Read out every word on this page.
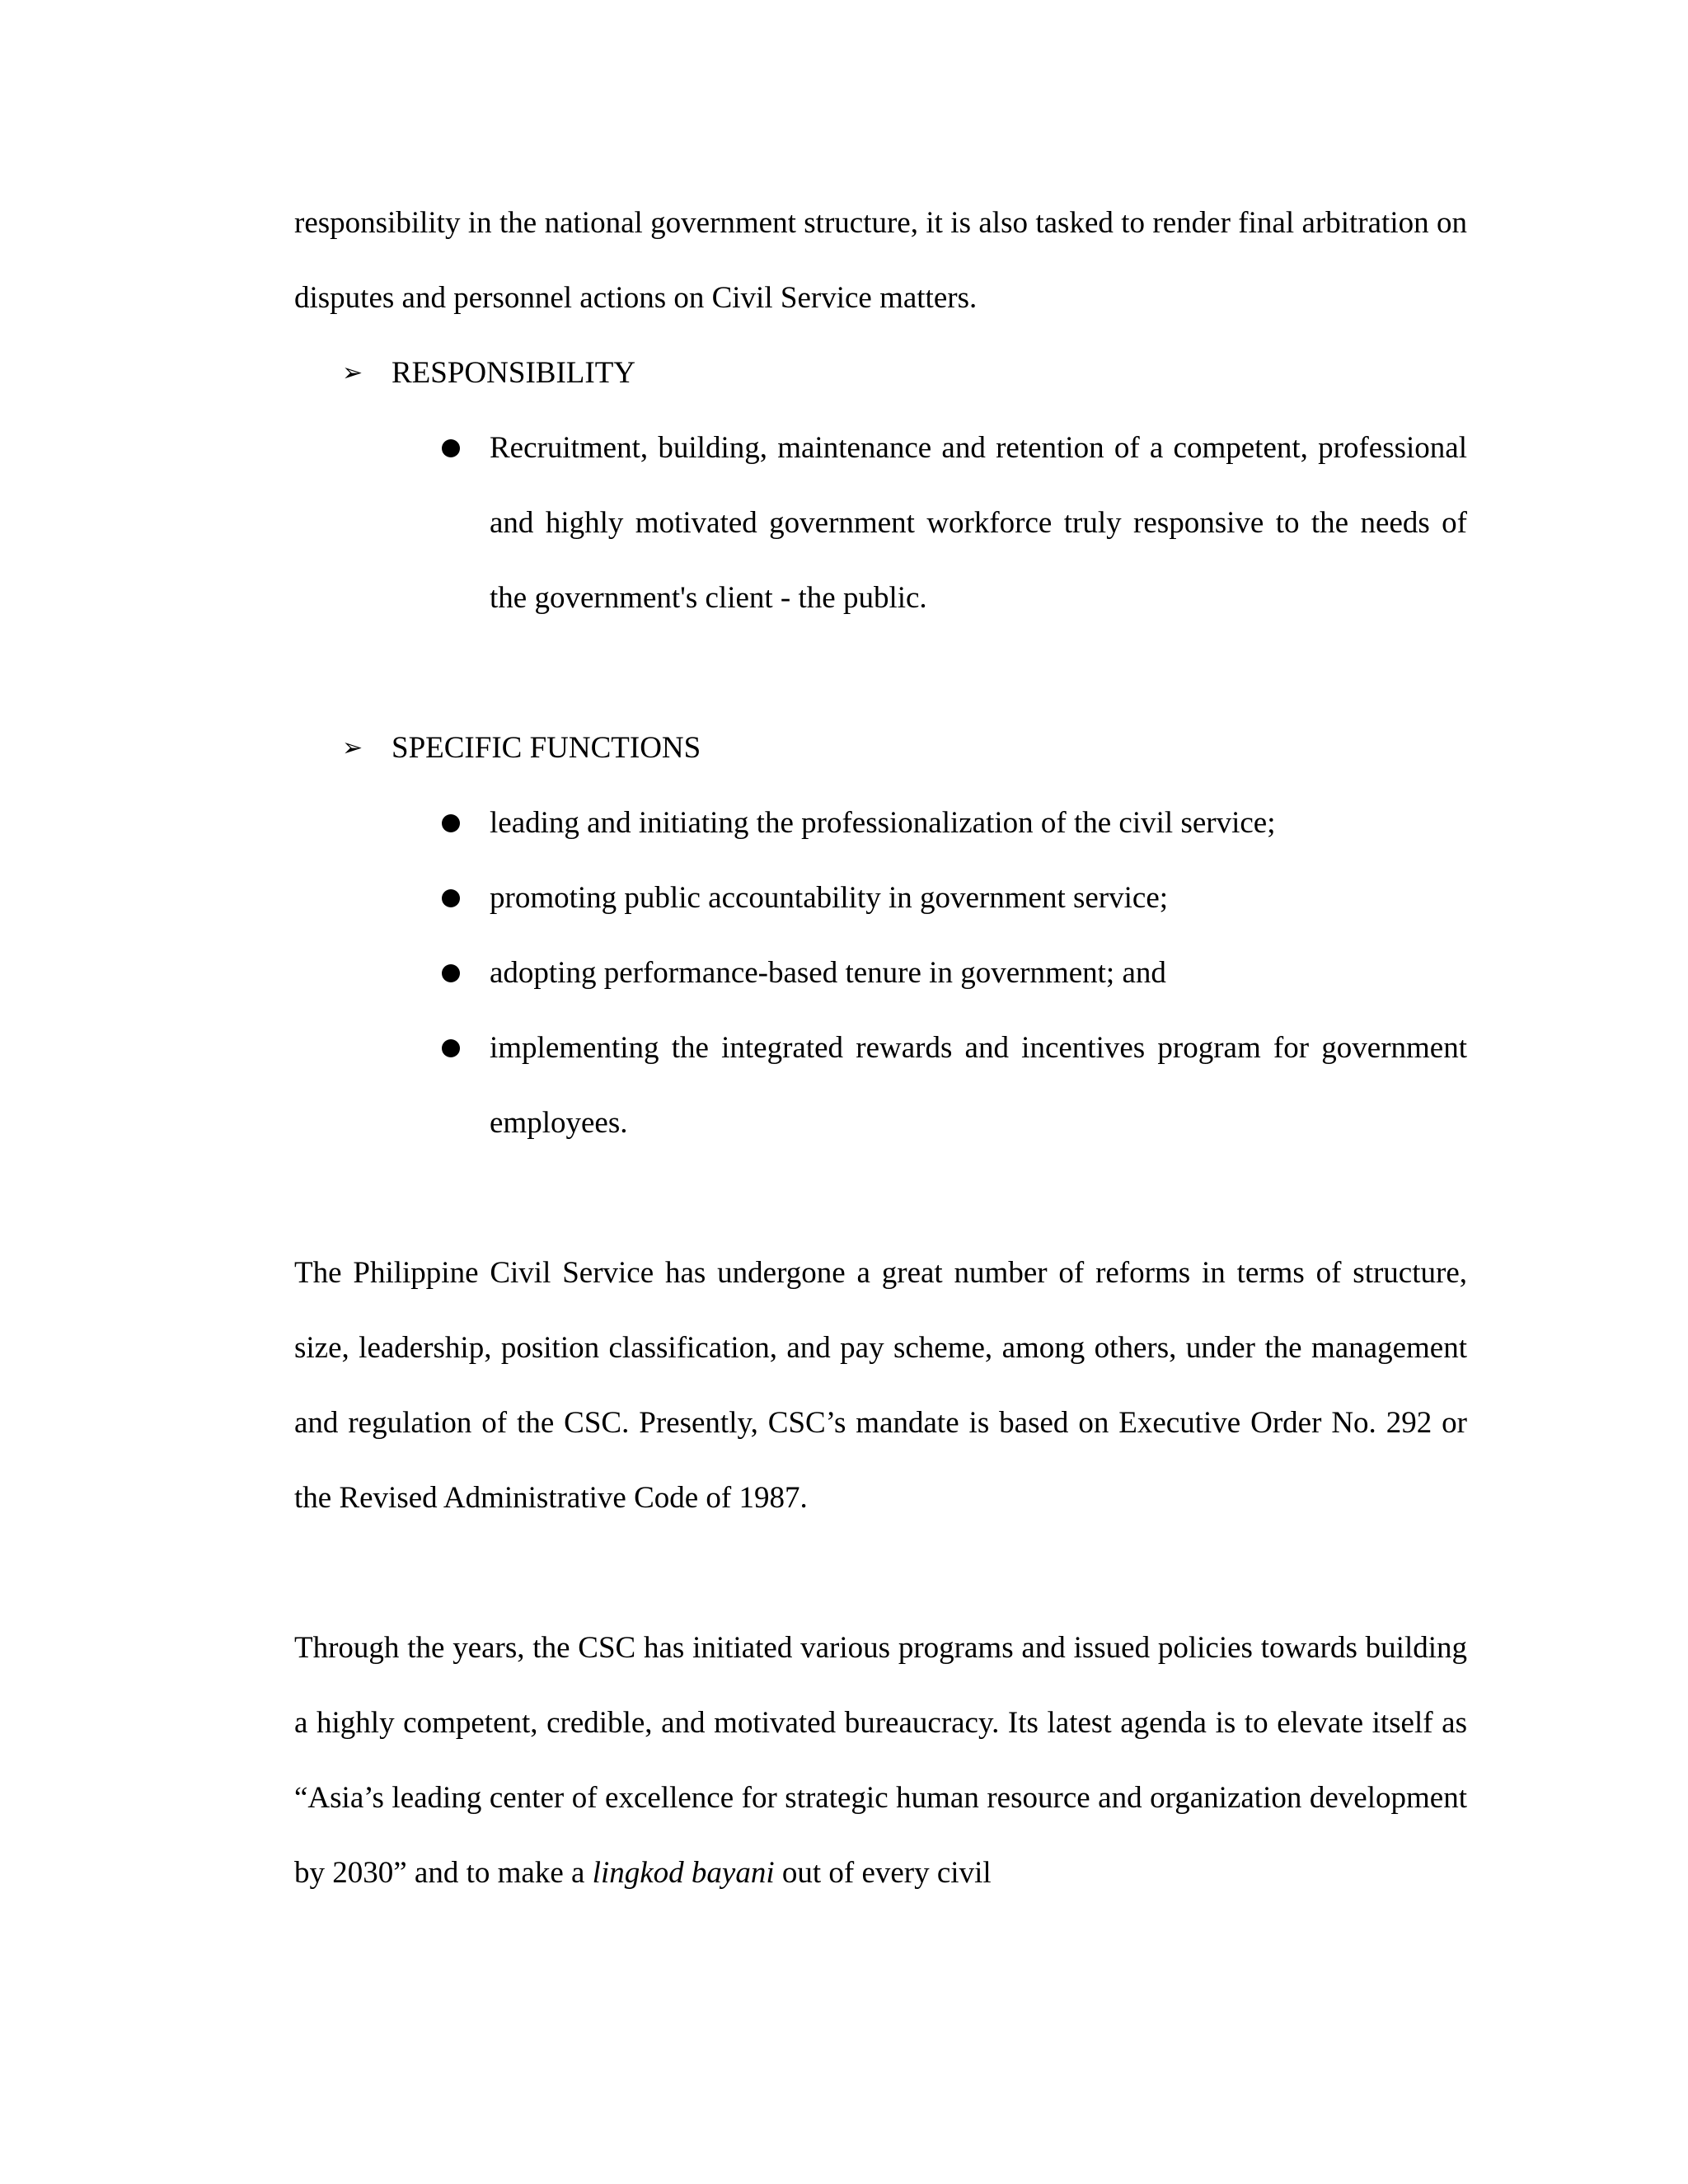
responsibility in the national government structure, it is also tasked to render final arbitration on disputes and personnel actions on Civil Service matters.

➢ RESPONSIBILITY
Recruitment, building, maintenance and retention of a competent, professional and highly motivated government workforce truly responsive to the needs of the government's client - the public.
➢ SPECIFIC FUNCTIONS
leading and initiating the professionalization of the civil service;
promoting public accountability in government service;
adopting performance-based tenure in government; and
implementing the integrated rewards and incentives program for government employees.

The Philippine Civil Service has undergone a great number of reforms in terms of structure, size, leadership, position classification, and pay scheme, among others, under the management and regulation of the CSC. Presently, CSC’s mandate is based on Executive Order No. 292 or the Revised Administrative Code of 1987.

Through the years, the CSC has initiated various programs and issued policies towards building a highly competent, credible, and motivated bureaucracy. Its latest agenda is to elevate itself as “Asia’s leading center of excellence for strategic human resource and organization development by 2030” and to make a lingkod bayani out of every civil
